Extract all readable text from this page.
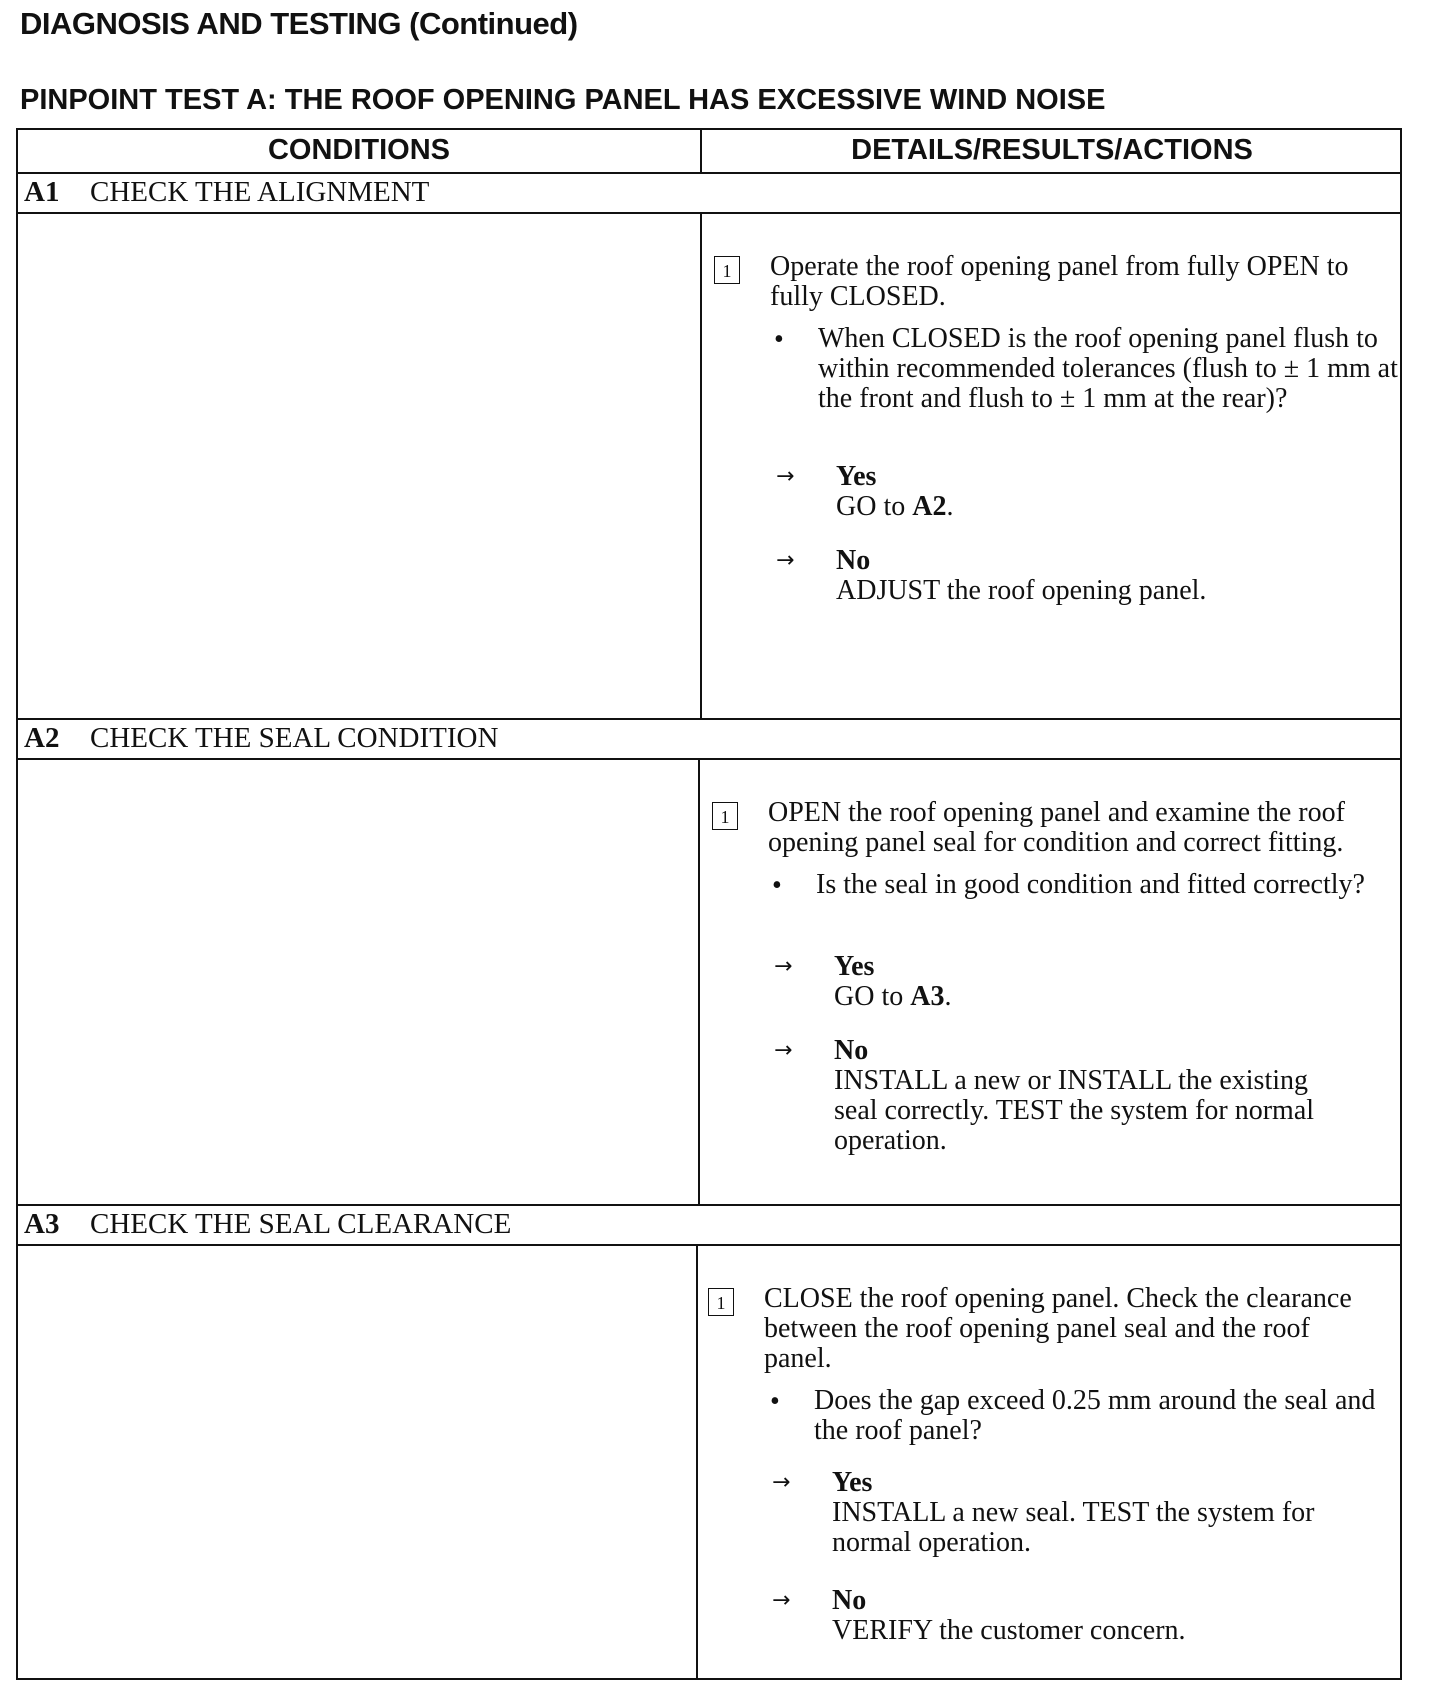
DIAGNOSIS AND TESTING (Continued)
PINPOINT TEST A: THE ROOF OPENING PANEL HAS EXCESSIVE WIND NOISE
CONDITIONS	DETAILS/RESULTS/ACTIONS
A1 CHECK THE ALIGNMENT
1	Operate the roof opening panel from fully OPEN to fully CLOSED.
• When CLOSED is the roof opening panel flush to within recommended tolerances (flush to ± 1 mm at the front and flush to ± 1 mm at the rear)?
→ Yes
GO to A2.
→ No
ADJUST the roof opening panel.
A2 CHECK THE SEAL CONDITION
1	OPEN the roof opening panel and examine the roof opening panel seal for condition and correct fitting.
• Is the seal in good condition and fitted correctly?
→ Yes
GO to A3.
→ No
INSTALL a new or INSTALL the existing seal correctly. TEST the system for normal operation.
A3 CHECK THE SEAL CLEARANCE
1	CLOSE the roof opening panel. Check the clearance between the roof opening panel seal and the roof panel.
• Does the gap exceed 0.25 mm around the seal and the roof panel?
→ Yes
INSTALL a new seal. TEST the system for normal operation.
→ No
VERIFY the customer concern.
